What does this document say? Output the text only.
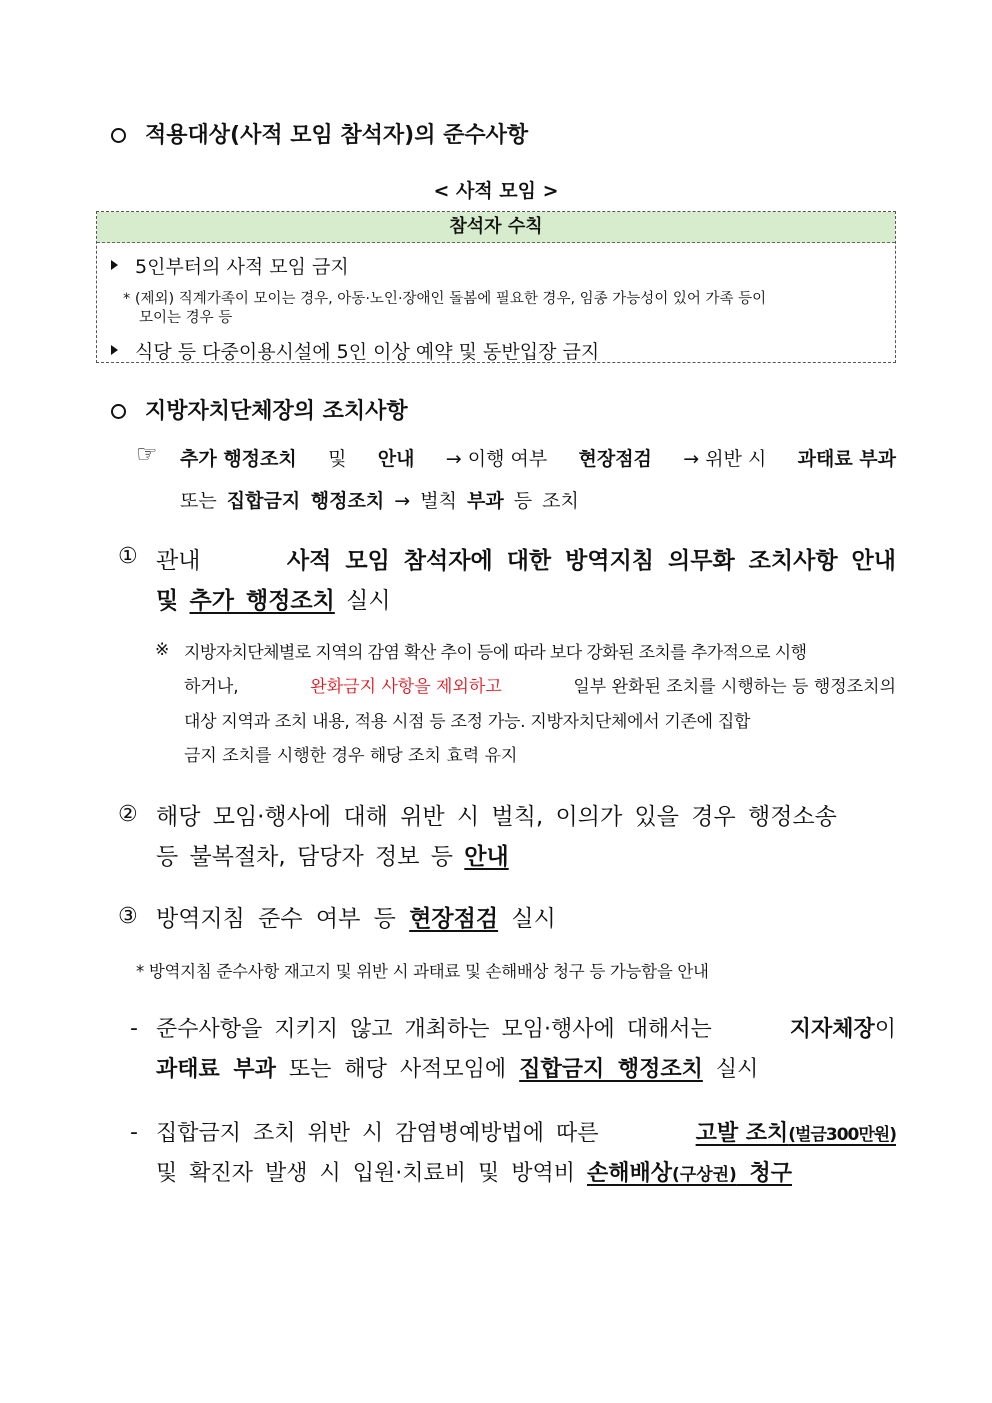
적용대상(사적 모임 참석자)의 준수사항
< 사적 모임 >
참석자 수칙
5인부터의 사적 모임 금지
* (제외) 직계가족이 모이는 경우, 아동·노인·장애인 돌봄에 필요한 경우, 임종 가능성이 있어 가족 등이
모이는 경우 등
식당 등 다중이용시설에 5인 이상 예약 및 동반입장 금지
지방자치단체장의 조치사항
☞ 추가 행정조치 및 안내 → 이행 여부 현장점검 → 위반 시 과태료 부과
또는 집합금지 행정조치 → 벌칙 부과 등 조치
① 관내	사적 모임 참석자에 대한 방역지침 의무화 조치사항 안내
및 추가 행정조치 실시
※ 지방자치단체별로 지역의 감염 확산 추이 등에 따라 보다 강화된 조치를 추가적으로 시행
하거나,	완화금지 사항을 제외하고	일부 완화된 조치를 시행하는 등 행정조치의
대상 지역과 조치 내용, 적용 시점 등 조정 가능. 지방자치단체에서 기존에 집합
금지 조치를 시행한 경우 해당 조치 효력 유지
② 해당 모임·행사에 대해 위반 시 벌칙, 이의가 있을 경우 행정소송
등 불복절차, 담당자 정보 등 안내
③ 방역지침 준수 여부 등 현장점검 실시
* 방역지침 준수사항 재고지 및 위반 시 과태료 및 손해배상 청구 등 가능함을 안내
- 준수사항을 지키지 않고 개최하는 모임·행사에 대해서는	지자체장이
과태료 부과 또는 해당 사적모임에 집합금지 행정조치 실시
- 집합금지 조치 위반 시 감염병예방법에 따른	고발 조치(벌금300만원)
및 확진자 발생 시 입원·치료비 및 방역비 손해배상(구상권) 청구
